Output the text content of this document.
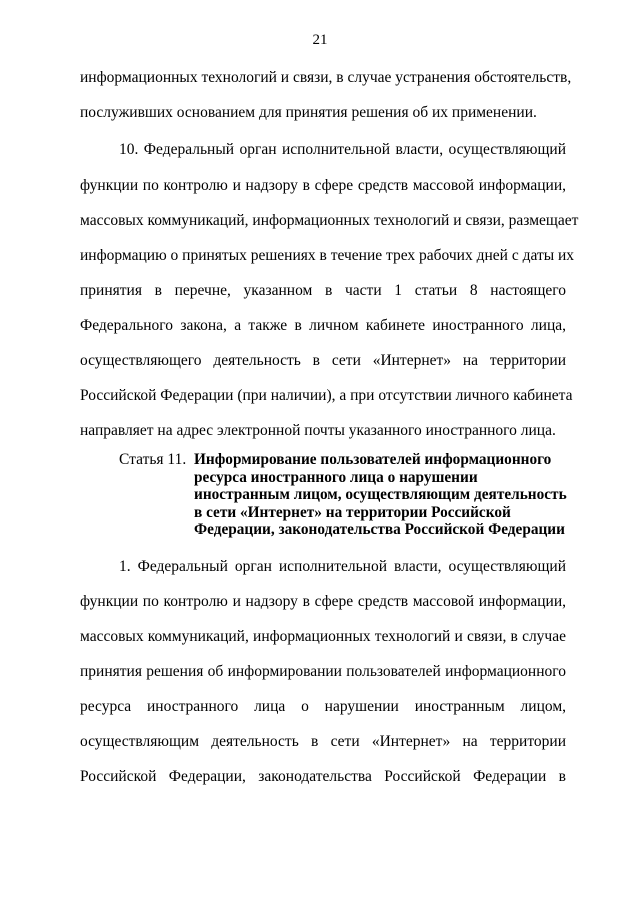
21
информационных технологий и связи, в случае устранения обстоятельств,
послуживших основанием для принятия решения об их применении.
10. Федеральный орган исполнительной власти, осуществляющий
функции по контролю и надзору в сфере средств массовой информации,
массовых коммуникаций, информационных технологий и связи, размещает
информацию о принятых решениях в течение трех рабочих дней с даты их
принятия в перечне, указанном в части 1 статьи 8 настоящего
Федерального закона, а также в личном кабинете иностранного лица,
осуществляющего деятельность в сети «Интернет» на территории
Российской Федерации (при наличии), а при отсутствии личного кабинета
направляет на адрес электронной почты указанного иностранного лица.
Статья 11. Информирование пользователей информационного
ресурса иностранного лица о нарушении
иностранным лицом, осуществляющим деятельность
в сети «Интернет» на территории Российской
Федерации, законодательства Российской Федерации
1. Федеральный орган исполнительной власти, осуществляющий
функции по контролю и надзору в сфере средств массовой информации,
массовых коммуникаций, информационных технологий и связи, в случае
принятия решения об информировании пользователей информационного
ресурса иностранного лица о нарушении иностранным лицом,
осуществляющим деятельность в сети «Интернет» на территории
Российской Федерации, законодательства Российской Федерации в
